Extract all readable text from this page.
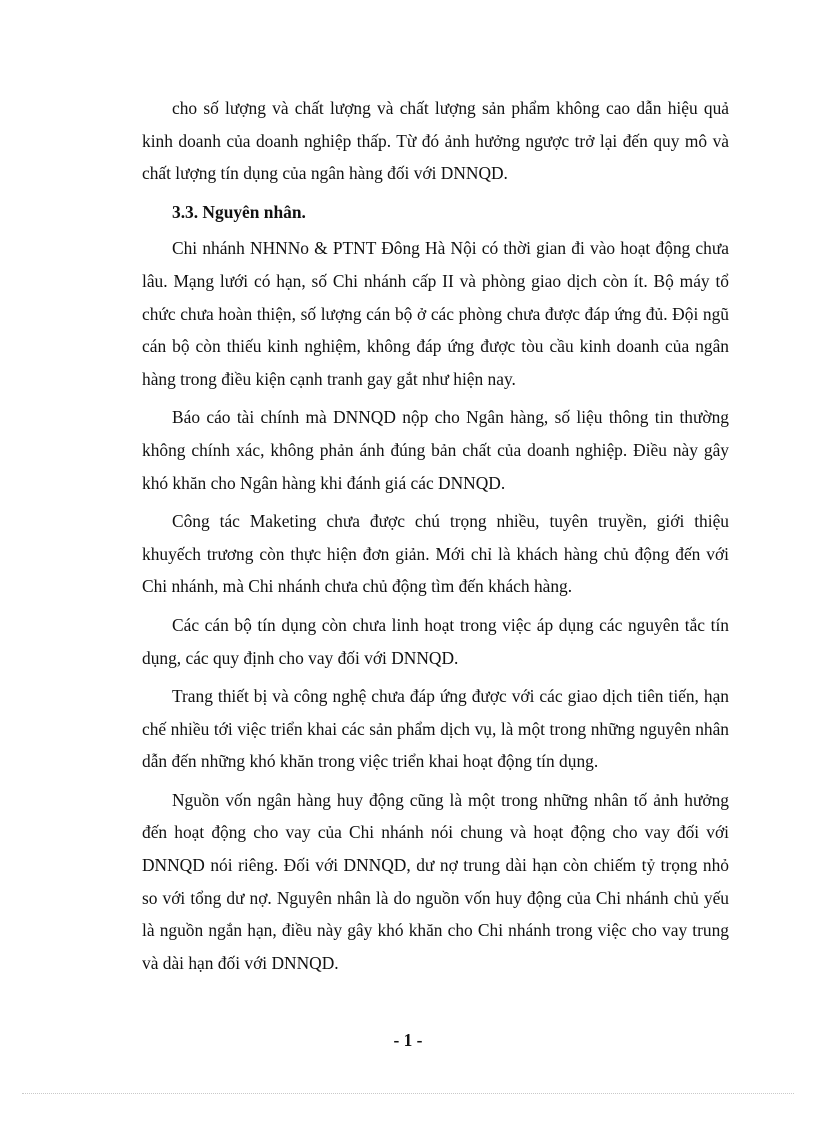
cho số lượng và chất lượng và chất lượng sản phẩm không cao dẫn hiệu quả kinh doanh của doanh nghiệp thấp. Từ đó ảnh hưởng ngược trở lại đến quy mô và chất lượng tín dụng của ngân hàng đối với DNNQD.

3.3. Nguyên nhân.

Chi nhánh NHNNo & PTNT Đông Hà Nội có thời gian đi vào hoạt động chưa lâu. Mạng lưới có hạn, số Chi nhánh cấp II và phòng giao dịch còn ít. Bộ máy tổ chức chưa hoàn thiện, số lượng cán bộ ở các phòng chưa được đáp ứng đủ. Đội ngũ cán bộ còn thiếu kinh nghiệm, không đáp ứng được tòu cầu kinh doanh của ngân hàng trong điều kiện cạnh tranh gay gắt như hiện nay.

Báo cáo tài chính mà DNNQD nộp cho Ngân hàng, số liệu thông tin thường không chính xác, không phản ánh đúng bản chất của doanh nghiệp. Điều này gây khó khăn cho Ngân hàng khi đánh giá các DNNQD.

Công tác Maketing chưa được chú trọng nhiều, tuyên truyền, giới thiệu khuyếch trương còn thực hiện đơn giản. Mới chỉ là khách hàng chủ động đến với Chi nhánh, mà Chi nhánh chưa chủ động tìm đến khách hàng.

Các cán bộ tín dụng còn chưa linh hoạt trong việc áp dụng các nguyên tắc tín dụng, các quy định cho vay đối với DNNQD.

Trang thiết bị và công nghệ chưa đáp ứng được với các giao dịch tiên tiến, hạn chế nhiều tới việc triển khai các sản phẩm dịch vụ, là một trong những nguyên nhân dẫn đến những khó khăn trong việc triển khai hoạt động tín dụng.

Nguồn vốn ngân hàng huy động cũng là một trong những nhân tố ảnh hưởng đến hoạt động cho vay của Chi nhánh nói chung và hoạt động cho vay đối với DNNQD nói riêng. Đối với DNNQD, dư nợ trung dài hạn còn chiếm tỷ trọng nhỏ so với tổng dư nợ. Nguyên nhân là do nguồn vốn huy động của Chi nhánh chủ yếu là nguồn ngắn hạn, điều này gây khó khăn cho Chi nhánh trong việc cho vay trung và dài hạn đối với DNNQD.

- 1 -
